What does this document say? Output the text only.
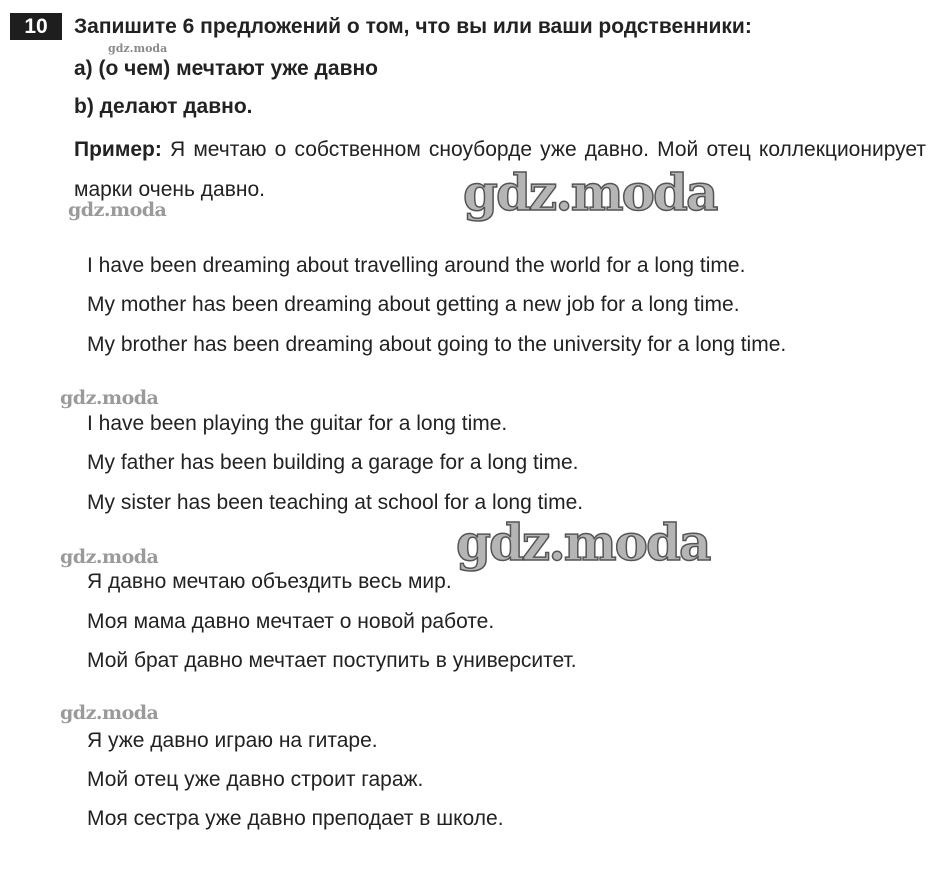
10	Запишите 6 предложений о том, что вы или ваши родственники:
a) (о чем) мечтают уже давно
b) делают давно.
Пример: Я мечтаю о собственном сноуборде уже давно. Мой отец коллекционирует марки очень давно.
I have been dreaming about travelling around the world for a long time.
My mother has been dreaming about getting a new job for a long time.
My brother has been dreaming about going to the university for a long time.
I have been playing the guitar for a long time.
My father has been building a garage for a long time.
My sister has been teaching at school for a long time.
Я давно мечтаю объездить весь мир.
Моя мама давно мечтает о новой работе.
Мой брат давно мечтает поступить в университет.
Я уже давно играю на гитаре.
Мой отец уже давно строит гараж.
Моя сестра уже давно преподает в школе.
gdz.moda
gdz.moda
gdz.moda
gdz.moda
gdz.moda
gdz.moda
gdz.moda
